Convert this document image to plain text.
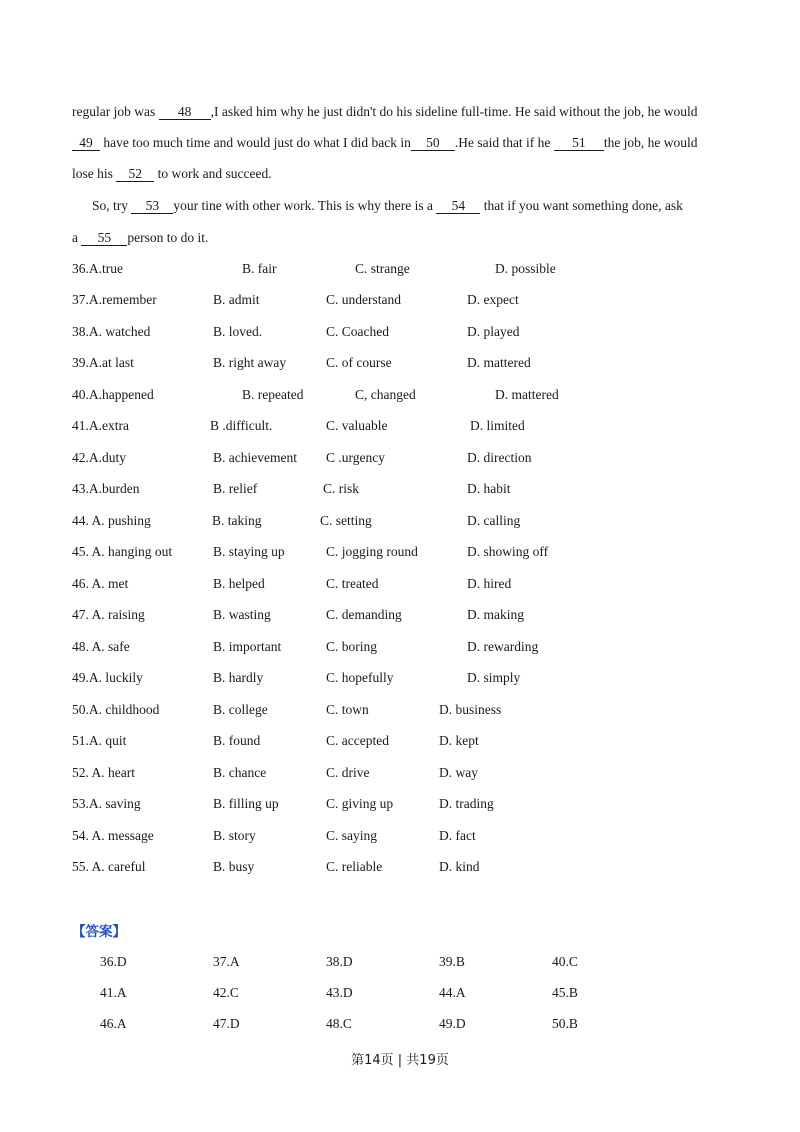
regular job was 48 ,I asked him why he just didn't do his sideline full-time. He said without the job, he would
49 have too much time and would just do what I did back in 50 .He said that if he 51 the job, he would
lose his 52 to work and succeed.
So, try 53 your tine with other work. This is why there is a 54 that if you want something done, ask
a 55 person to do it.
36.A.true	B. fair	C. strange	D. possible
37.A.remember	B. admit	C. understand	D. expect
38.A. watched	B. loved.	C. Coached	D. played
39.A.at last	B. right away	C. of course	D. mattered
40.A.happened	B. repeated	C, changed	D. mattered
41.A.extra	B .difficult.	C. valuable	D. limited
42.A.duty	B. achievement C .urgency	D. direction
43.A.burden	B. relief	C. risk	D. habit
44. A. pushing	B. taking	C. setting	D. calling
45. A. hanging out	B. staying up	C. jogging round	D. showing off
46. A. met	B. helped	C. treated	D. hired
47. A. raising	B. wasting	C. demanding	D. making
48. A. safe	B. important	C. boring	D. rewarding
49.A. luckily	B. hardly	C. hopefully	D. simply
50.A. childhood	B. college	C. town	D. business
51.A. quit	B. found	C. accepted	D. kept
52. A. heart	B. chance	C. drive	D. way
53.A. saving	B. filling up	C. giving up	D. trading
54. A. message	B. story	C. saying	D. fact
55. A. careful	B. busy	C. reliable	D. kind
【答案】
36.D	37.A	38.D	39.B	40.C
41.A	42.C	43.D	44.A	45.B
46.A	47.D	48.C	49.D	50.B
第14页 | 共19页
